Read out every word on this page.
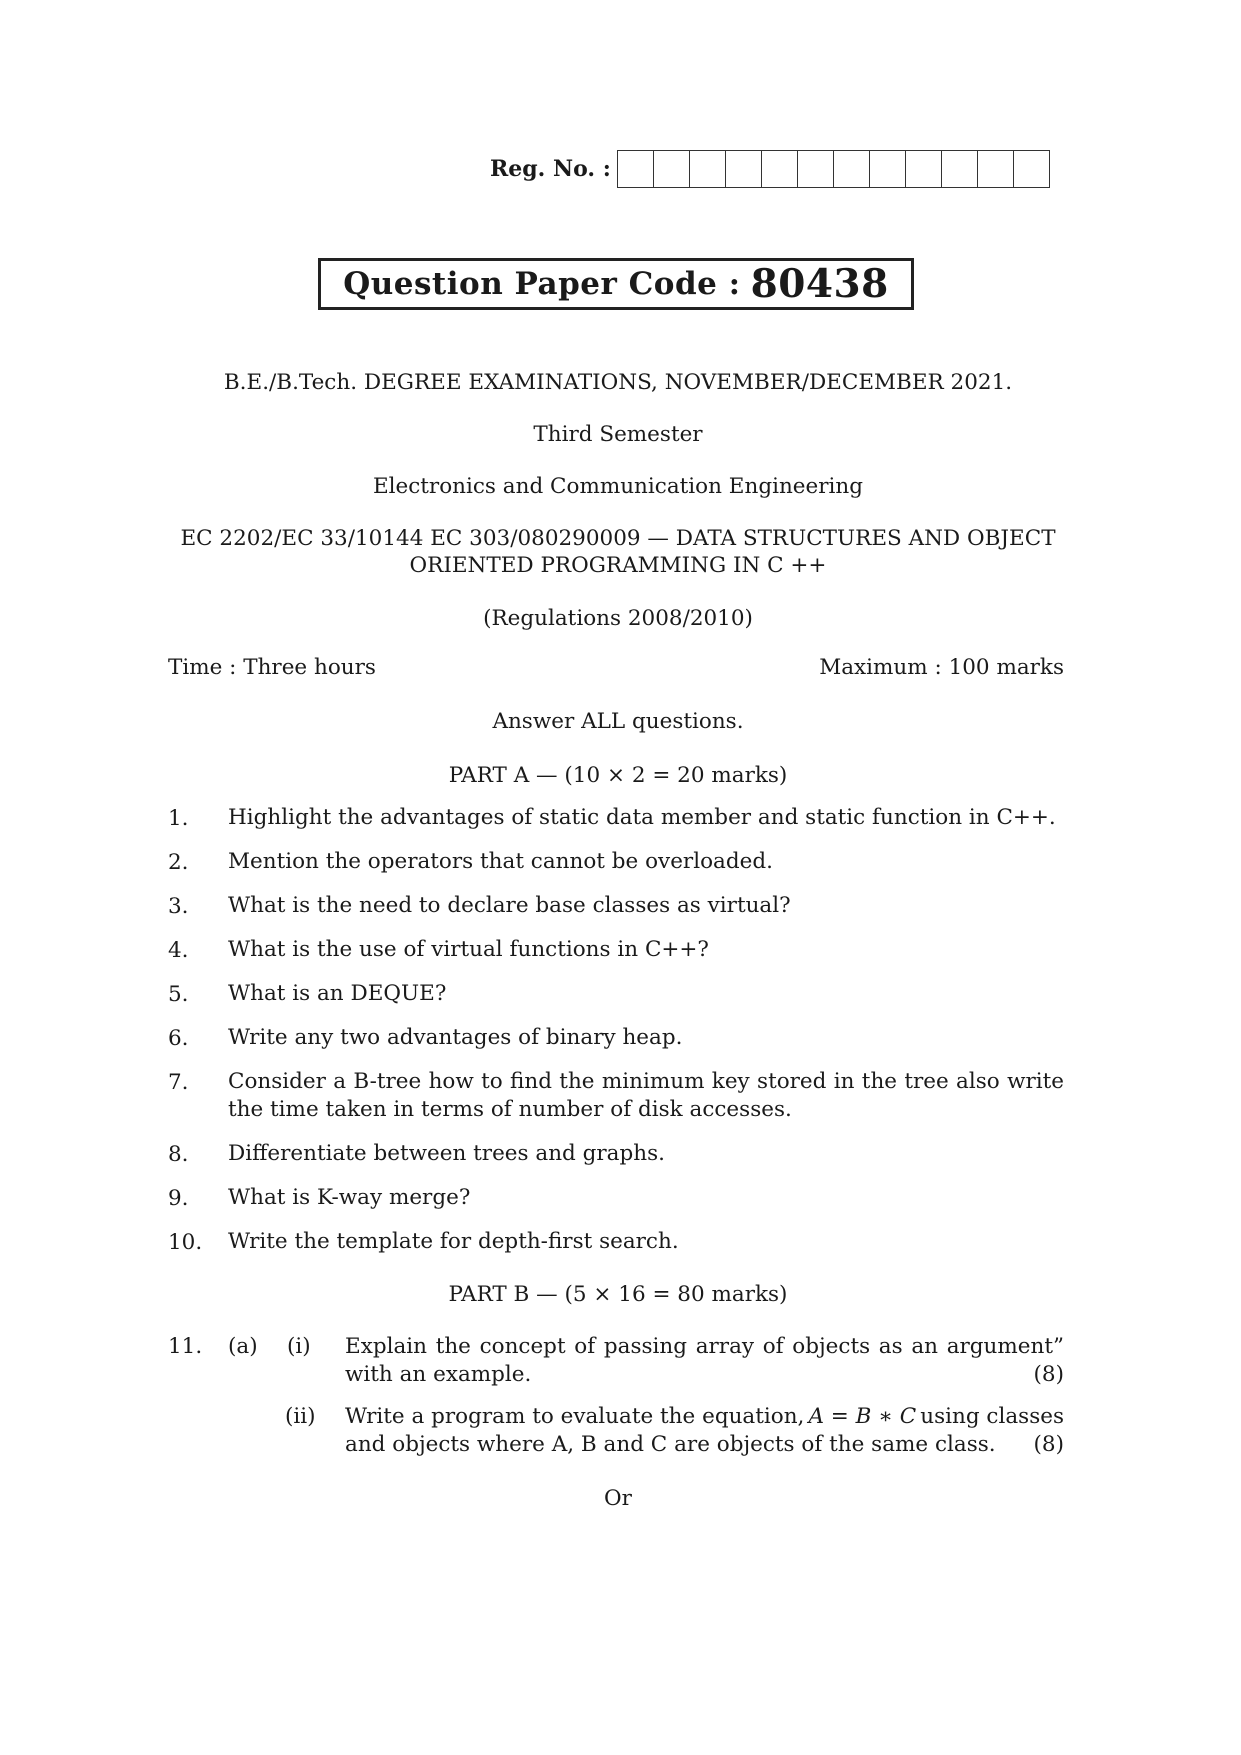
Reg. No. :
Question Paper Code : 80438
B.E./B.Tech. DEGREE EXAMINATIONS, NOVEMBER/DECEMBER 2021.
Third Semester
Electronics and Communication Engineering
EC 2202/EC 33/10144 EC 303/080290009 — DATA STRUCTURES AND OBJECT
ORIENTED PROGRAMMING IN C ++
(Regulations 2008/2010)
Time : Three hours	Maximum : 100 marks
Answer ALL questions.
PART A — (10 × 2 = 20 marks)
1. Highlight the advantages of static data member and static function in C++.
2. Mention the operators that cannot be overloaded.
3. What is the need to declare base classes as virtual?
4. What is the use of virtual functions in C++?
5. What is an DEQUE?
6. Write any two advantages of binary heap.
7. Consider a B-tree how to find the minimum key stored in the tree also write
the time taken in terms of number of disk accesses.
8. Differentiate between trees and graphs.
9. What is K-way merge?
10. Write the template for depth-first search.
PART B — (5 × 16 = 80 marks)
11. (a) (i) Explain the concept of passing array of objects as an argument”
with an example.	(8)
(ii) Write a program to evaluate the equation, A = B ∗ C using classes
and objects where A, B and C are objects of the same class. (8)
Or
